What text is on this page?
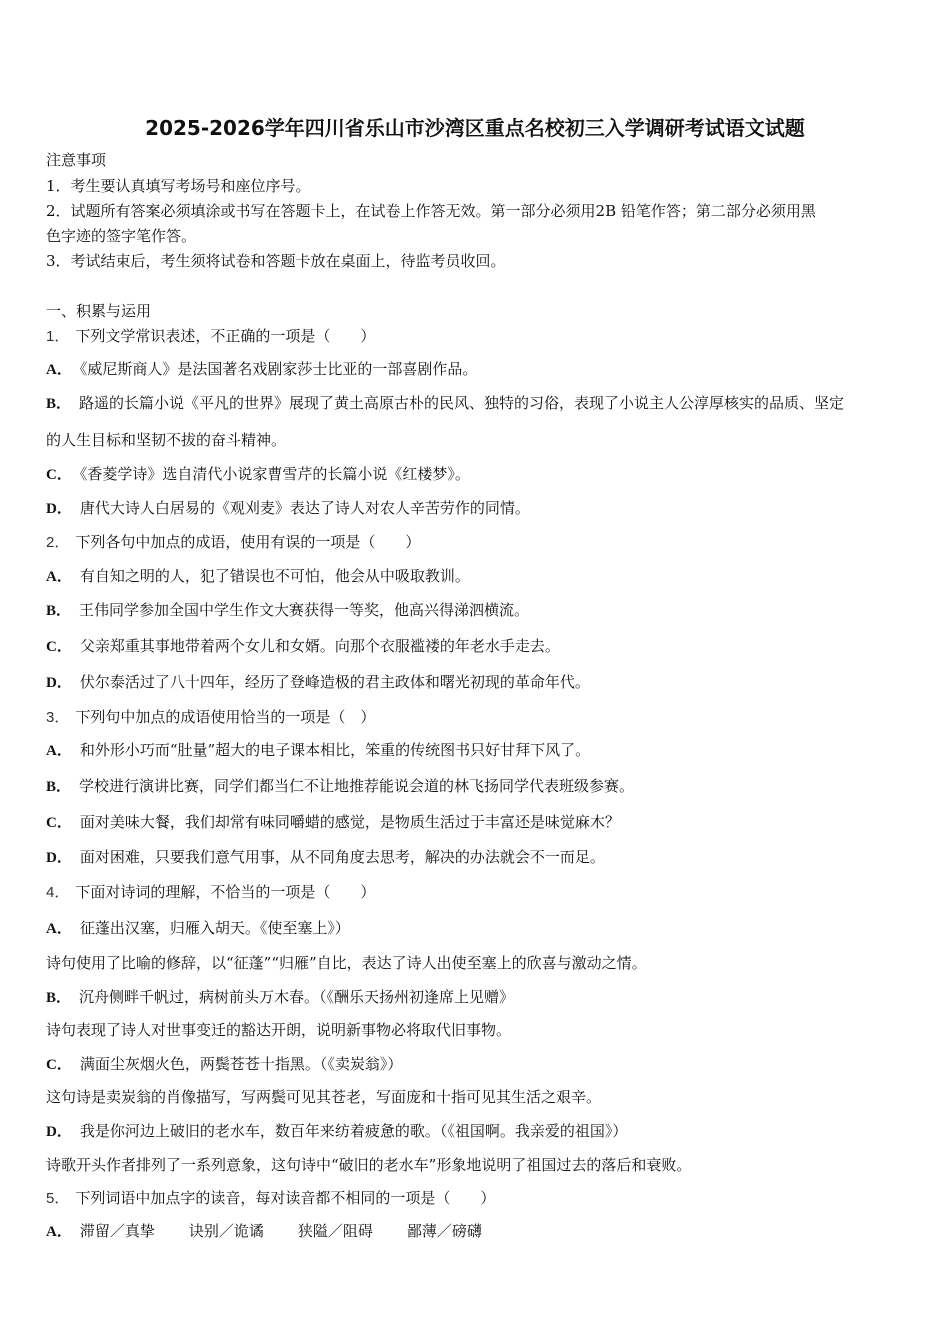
2025-2026学年四川省乐山市沙湾区重点名校初三入学调研考试语文试题
注意事项
1．考生要认真填写考场号和座位序号。
2．试题所有答案必须填涂或书写在答题卡上，在试卷上作答无效。第一部分必须用2B 铅笔作答；第二部分必须用黑
色字迹的签字笔作答。
3．考试结束后，考生须将试卷和答题卡放在桌面上，待监考员收回。
一、积累与运用
1． 下列文学常识表述，不正确的一项是（　　）
A． 《威尼斯商人》是法国著名戏剧家莎士比亚的一部喜剧作品。
B． 路遥的长篇小说《平凡的世界》展现了黄土高原古朴的民风、独特的习俗，表现了小说主人公淳厚核实的品质、坚定
的人生目标和坚韧不拔的奋斗精神。
C． 《香菱学诗》选自清代小说家曹雪芹的长篇小说《红楼梦》。
D． 唐代大诗人白居易的《观刈麦》表达了诗人对农人辛苦劳作的同情。
2． 下列各句中加点的成语，使用有误的一项是（　　）
A． 有自知之明的人，犯了错误也不可怕，他会从中吸取教训。
B． 王伟同学参加全国中学生作文大赛获得一等奖，他高兴得涕泗横流。
C． 父亲郑重其事地带着两个女儿和女婿。向那个衣服褴褛的年老水手走去。
D． 伏尔泰活过了八十四年，经历了登峰造极的君主政体和曙光初现的革命年代。
3． 下列句中加点的成语使用恰当的一项是（　）
A． 和外形小巧而“肚量”超大的电子课本相比，笨重的传统图书只好甘拜下风了。
B． 学校进行演讲比赛，同学们都当仁不让地推荐能说会道的林飞扬同学代表班级参赛。
C． 面对美味大餐，我们却常有味同嚼蜡的感觉，是物质生活过于丰富还是味觉麻木？
D． 面对困难，只要我们意气用事，从不同角度去思考，解决的办法就会不一而足。
4． 下面对诗词的理解，不恰当的一项是（　　）
A． 征蓬出汉塞，归雁入胡天。《使至塞上》）
诗句使用了比喻的修辞，以“征蓬”“归雁”自比，表达了诗人出使至塞上的欣喜与激动之情。
B． 沉舟侧畔千帆过，病树前头万木春。（《酬乐天扬州初逢席上见赠》
诗句表现了诗人对世事变迁的豁达开朗，说明新事物必将取代旧事物。
C． 满面尘灰烟火色，两鬓苍苍十指黑。（《卖炭翁》）
这句诗是卖炭翁的肖像描写，写两鬓可见其苍老，写面庞和十指可见其生活之艰辛。
D． 我是你河边上破旧的老水车，数百年来纺着疲惫的歌。（《祖国啊。我亲爱的祖国》）
诗歌开头作者排列了一系列意象，这句诗中“破旧的老水车”形象地说明了祖国过去的落后和衰败。
5． 下列词语中加点字的读音，每对读音都不相同的一项是（　　）
A． 滞留／真挚 诀别／诡谲 狭隘／阻碍 鄙薄／磅礴
